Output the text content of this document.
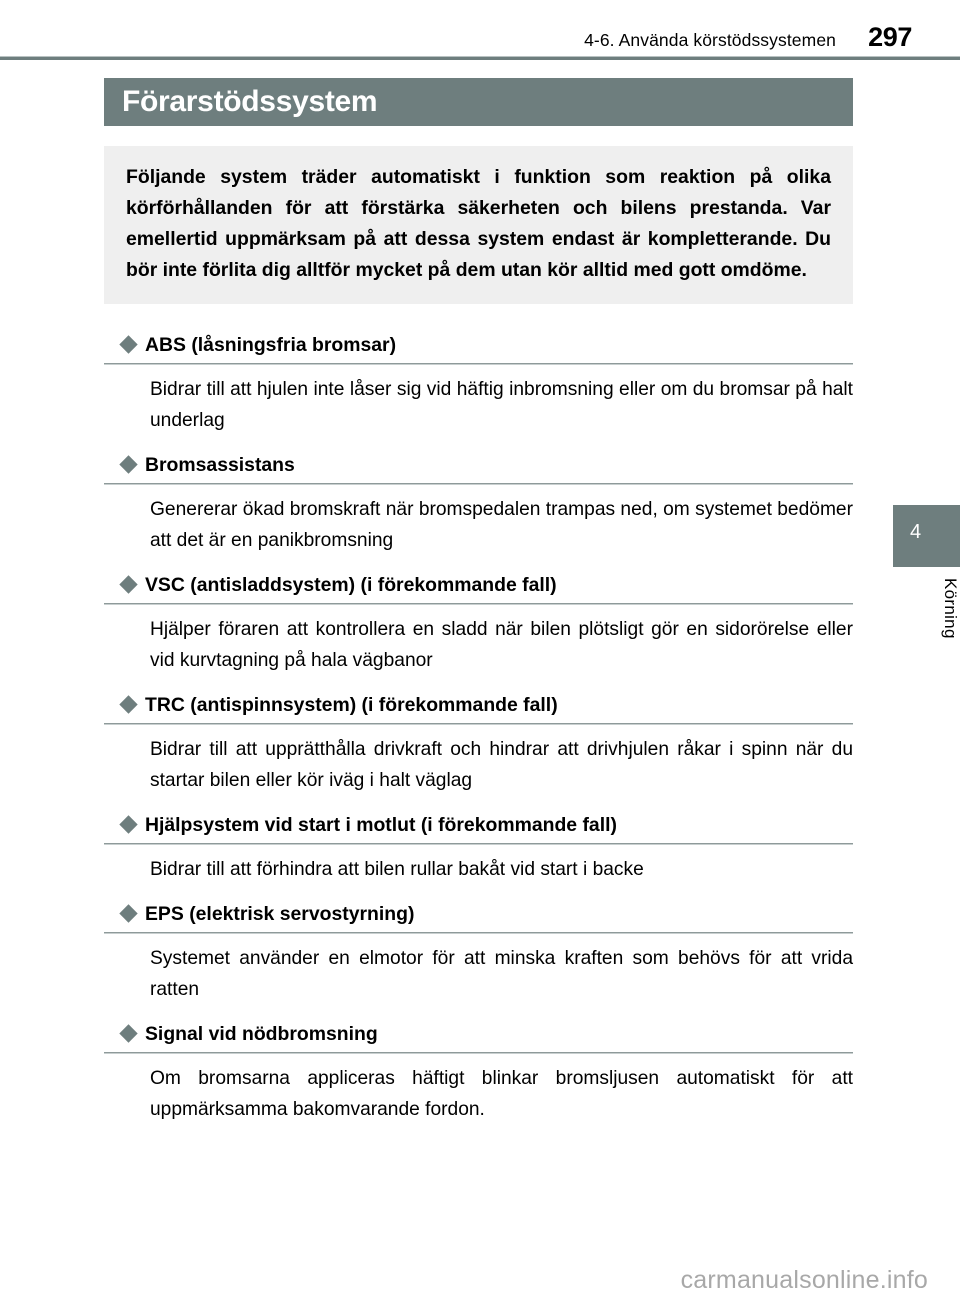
4-6. Använda körstödssystemen 297
Förarstödssystem

Följande system träder automatiskt i funktion som reaktion på olika körförhållanden för att förstärka säkerheten och bilens prestanda. Var emellertid uppmärksam på att dessa system endast är kompletterande. Du bör inte förlita dig alltför mycket på dem utan kör alltid med gott omdöme.

ABS (låsningsfria bromsar)

Bidrar till att hjulen inte låser sig vid häftig inbromsning eller om du bromsar på halt underlag

Bromsassistans

Genererar ökad bromskraft när bromspedalen trampas ned, om systemet bedömer att det är en panikbromsning

VSC (antisladdsystem) (i förekommande fall)

Hjälper föraren att kontrollera en sladd när bilen plötsligt gör en sidorörelse eller vid kurvtagning på hala vägbanor

TRC (antispinnsystem) (i förekommande fall)

Bidrar till att upprätthålla drivkraft och hindrar att drivhjulen råkar i spinn när du startar bilen eller kör iväg i halt väglag

Hjälpsystem vid start i motlut (i förekommande fall)

Bidrar till att förhindra att bilen rullar bakåt vid start i backe

EPS (elektrisk servostyrning)

Systemet använder en elmotor för att minska kraften som behövs för att vrida ratten

Signal vid nödbromsning

Om bromsarna appliceras häftigt blinkar bromsljusen automatiskt för att uppmärksamma bakomvarande fordon.

4
Körning
carmanualsonline.info
